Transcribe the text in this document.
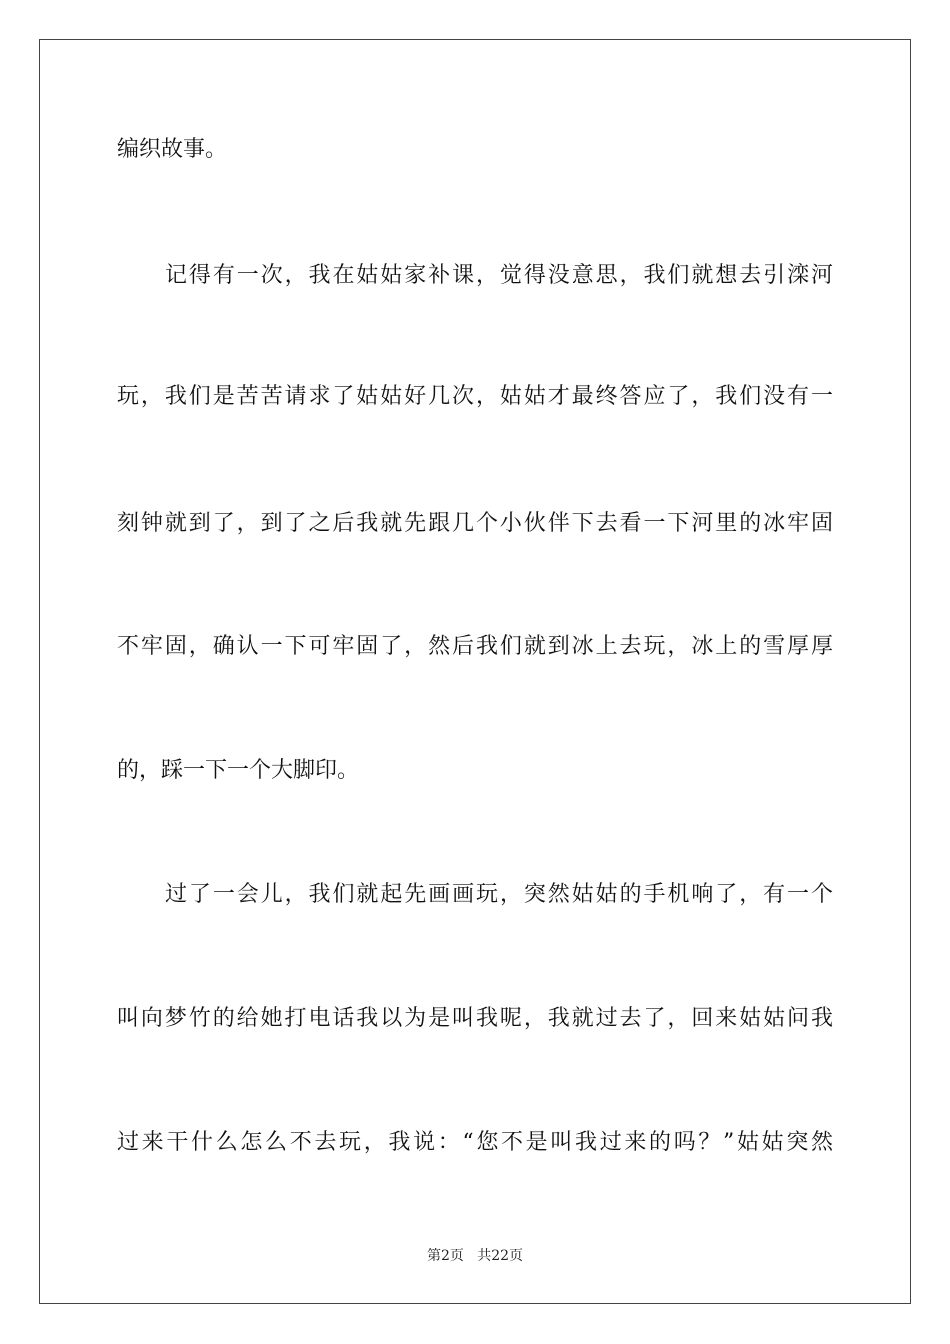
编织故事。
记得有一次，我在姑姑家补课，觉得没意思，我们就想去引滦河
玩，我们是苦苦请求了姑姑好几次，姑姑才最终答应了，我们没有一
刻钟就到了，到了之后我就先跟几个小伙伴下去看一下河里的冰牢固
不牢固，确认一下可牢固了，然后我们就到冰上去玩，冰上的雪厚厚
的，踩一下一个大脚印。
过了一会儿，我们就起先画画玩，突然姑姑的手机响了，有一个
叫向梦竹的给她打电话我以为是叫我呢，我就过去了，回来姑姑问我
过来干什么怎么不去玩，我说：“您不是叫我过来的吗？”姑姑突然
第2页   共22页
